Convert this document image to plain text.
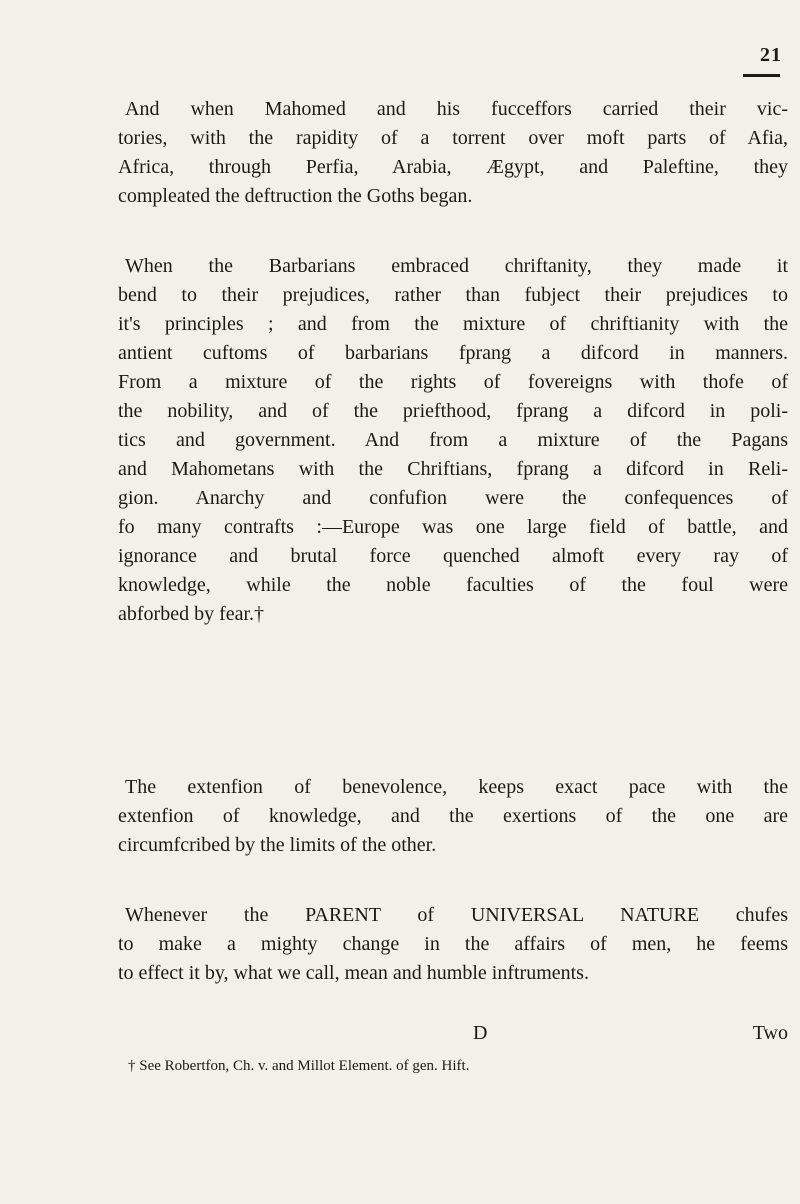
21
And when Mahomed and his fucceffors carried their vic-
tories, with the rapidity of a torrent over moft parts of Afia,
Africa, through Perfia, Arabia, Ægypt, and Paleftine, they
compleated the deftruction the Goths began.
When the Barbarians embraced chriftanity, they made it
bend to their prejudices, rather than fubject their prejudices to
it's principles ; and from the mixture of chriftianity with the
antient cuftoms of barbarians fprang a difcord in manners.
From a mixture of the rights of fovereigns with thofe of
the nobility, and of the priefthood, fprang a difcord in poli-
tics and government. And from a mixture of the Pagans
and Mahometans with the Chriftians, fprang a difcord in Reli-
gion. Anarchy and confufion were the confequences of
fo many contrafts :—Europe was one large field of battle, and
ignorance and brutal force quenched almoft every ray of
knowledge, while the noble faculties of the foul were
abforbed by fear.†
The extenfion of benevolence, keeps exact pace with the
extenfion of knowledge, and the exertions of the one are
circumfcribed by the limits of the other.
Whenever the PARENT of UNIVERSAL NATURE chufes
to make a mighty change in the affairs of men, he feems
to effect it by, what we call, mean and humble inftruments.
D	Two
† See Robertfon, Ch. v. and Millot Element. of gen. Hift.
